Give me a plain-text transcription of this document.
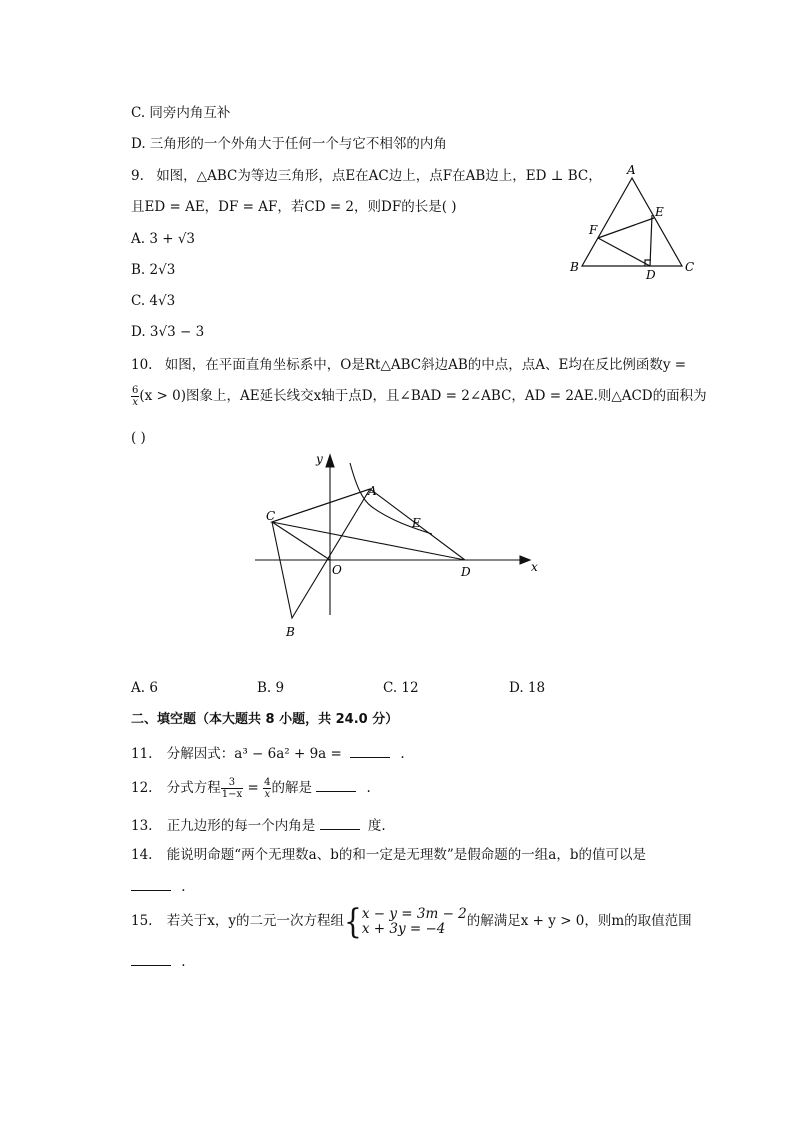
C. 同旁内角互补
D. 三角形的一个外角大于任何一个与它不相邻的内角
9. 如图，△ABC为等边三角形，点E在AC边上，点F在AB边上，ED ⊥ BC，
且ED = AE，DF = AF，若CD = 2，则DF的长是( )
A. 3 + √3
B. 2√3
C. 4√3
D. 3√3 − 3
A
B	C
D
E
F
10. 如图，在平面直角坐标系中，O是Rt△ABC斜边AB的中点，点A、E均在反比例函数y =
$\frac{6}{x} (x > 0)$图象上，AE延长线交x轴于点D，且∠BAD = 2∠ABC，AD = 2AE.则△ACD的面积为
( )
y
x
A
B
C
D
E
O
A. 6	B. 9	C. 12	D. 18
二、填空题（本大题共 8 小题，共 24.0 分）
11. 分解因式：a³ − 6a² + 9a =	.
12. 分式方程 $\frac{3}{1-x} = \frac{4}{x}$ 的解是	.
13. 正九边形的每一个内角是	度.
14. 能说明命题“两个无理数a、b的和一定是无理数”是假命题的一组a，b的值可以是
.
15. 若关于x，y的二元一次方程组{ x − y = 3m − 2
x + 3y = −4	的解满足x + y > 0，则m的取值范围
.
